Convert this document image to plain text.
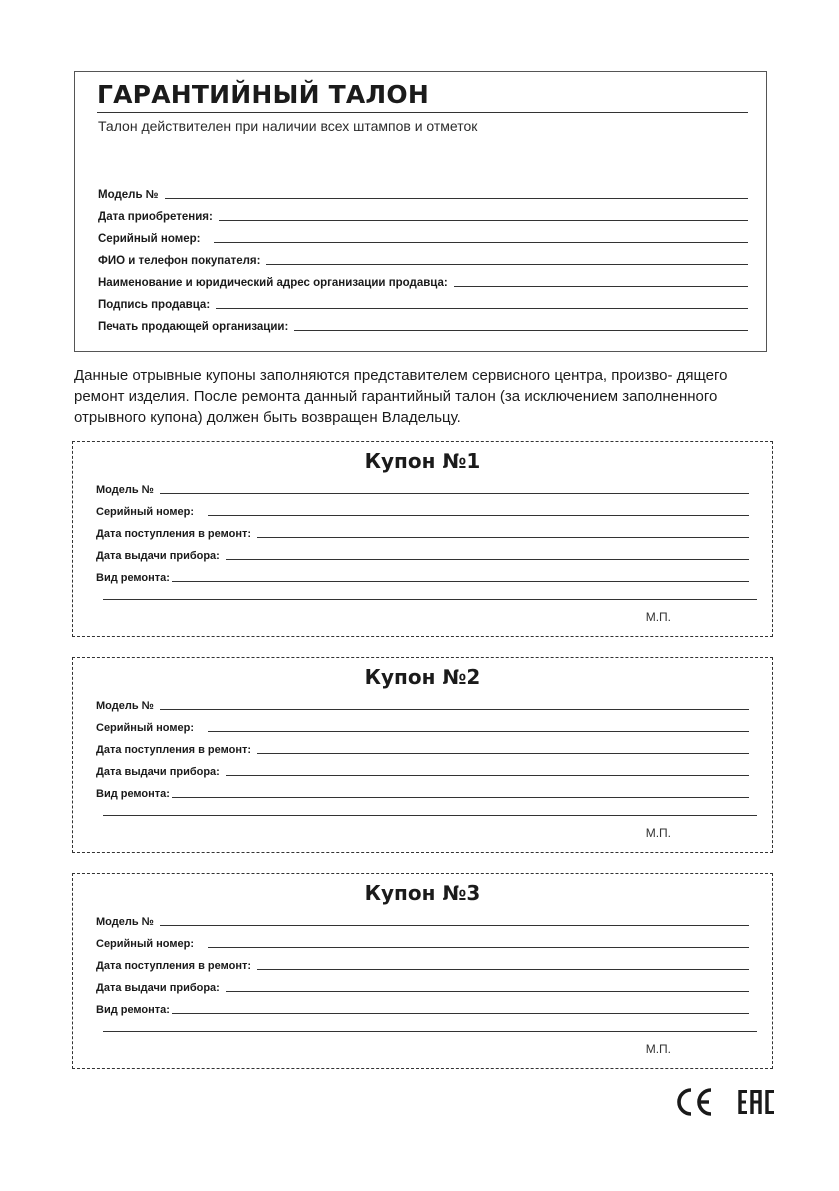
ГАРАНТИЙНЫЙ ТАЛОН
Талон действителен при наличии всех штампов и отметок
Модель №
Дата приобретения:
Серийный номер:
ФИО и телефон покупателя:
Наименование и юридический адрес организации продавца:
Подпись продавца:
Печать продающей организации:

Данные отрывные купоны заполняются представителем сервисного центра, произво- дящего ремонт изделия. После ремонта данный гарантийный талон (за исключением заполненного отрывного купона) должен быть возвращен Владельцу.

Купон №1
Модель №
Серийный номер:
Дата поступления в ремонт:
Дата выдачи прибора:
Вид ремонта:
М.П.
Купон №2
Модель №
Серийный номер:
Дата поступления в ремонт:
Дата выдачи прибора:
Вид ремонта:
М.П.
Купон №3
Модель №
Серийный номер:
Дата поступления в ремонт:
Дата выдачи прибора:
Вид ремонта:
М.П.
